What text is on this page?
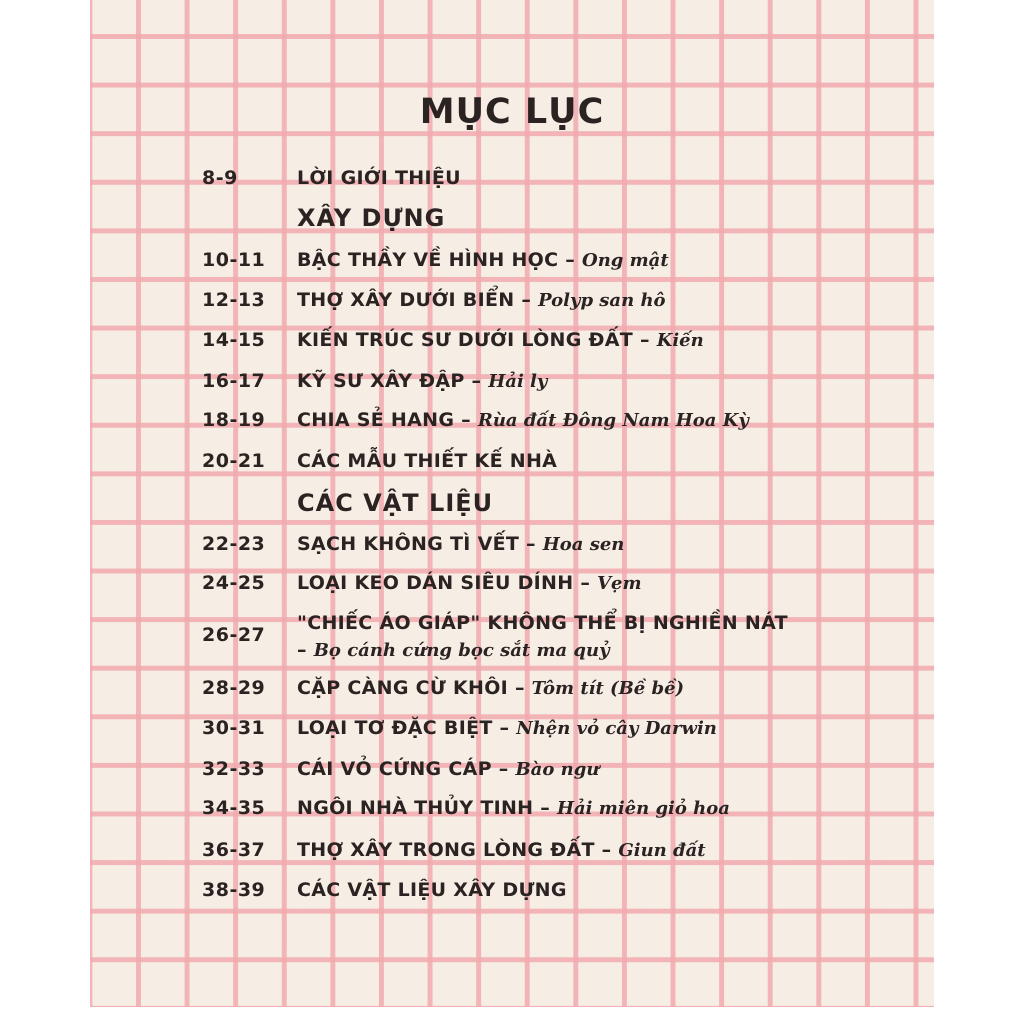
MỤC LỤC
8-9	LỜI GIỚI THIỆU
XÂY DỰNG
10-11 BẬC THẦY VỀ HÌNH HỌC – Ong mật
12-13 THỢ XÂY DƯỚI BIỂN – Polyp san hô
14-15 KIẾN TRÚC SƯ DƯỚI LÒNG ĐẤT – Kiến
16-17 KỸ SƯ XÂY ĐẬP – Hải ly
18-19 CHIA SẺ HANG – Rùa đất Đông Nam Hoa Kỳ
20-21 CÁC MẪU THIẾT KẾ NHÀ
CÁC VẬT LIỆU
22-23 SẠCH KHÔNG TÌ VẾT – Hoa sen
24-25 LOẠI KEO DÁN SIÊU DÍNH – Vẹm
26-27
"CHIẾC ÁO GIÁP" KHÔNG THỂ BỊ NGHIỀN NÁT
– Bọ cánh cứng bọc sắt ma quỷ
28-29 CẶP CÀNG CỪ KHÔI – Tôm tít (Bề bề)
30-31 LOẠI TƠ ĐẶC BIỆT – Nhện vỏ cây Darwin
32-33 CÁI VỎ CỨNG CÁP – Bào ngư
34-35 NGÔI NHÀ THỦY TINH – Hải miên giỏ hoa
36-37 THỢ XÂY TRONG LÒNG ĐẤT – Giun đất
38-39 CÁC VẬT LIỆU XÂY DỰNG
